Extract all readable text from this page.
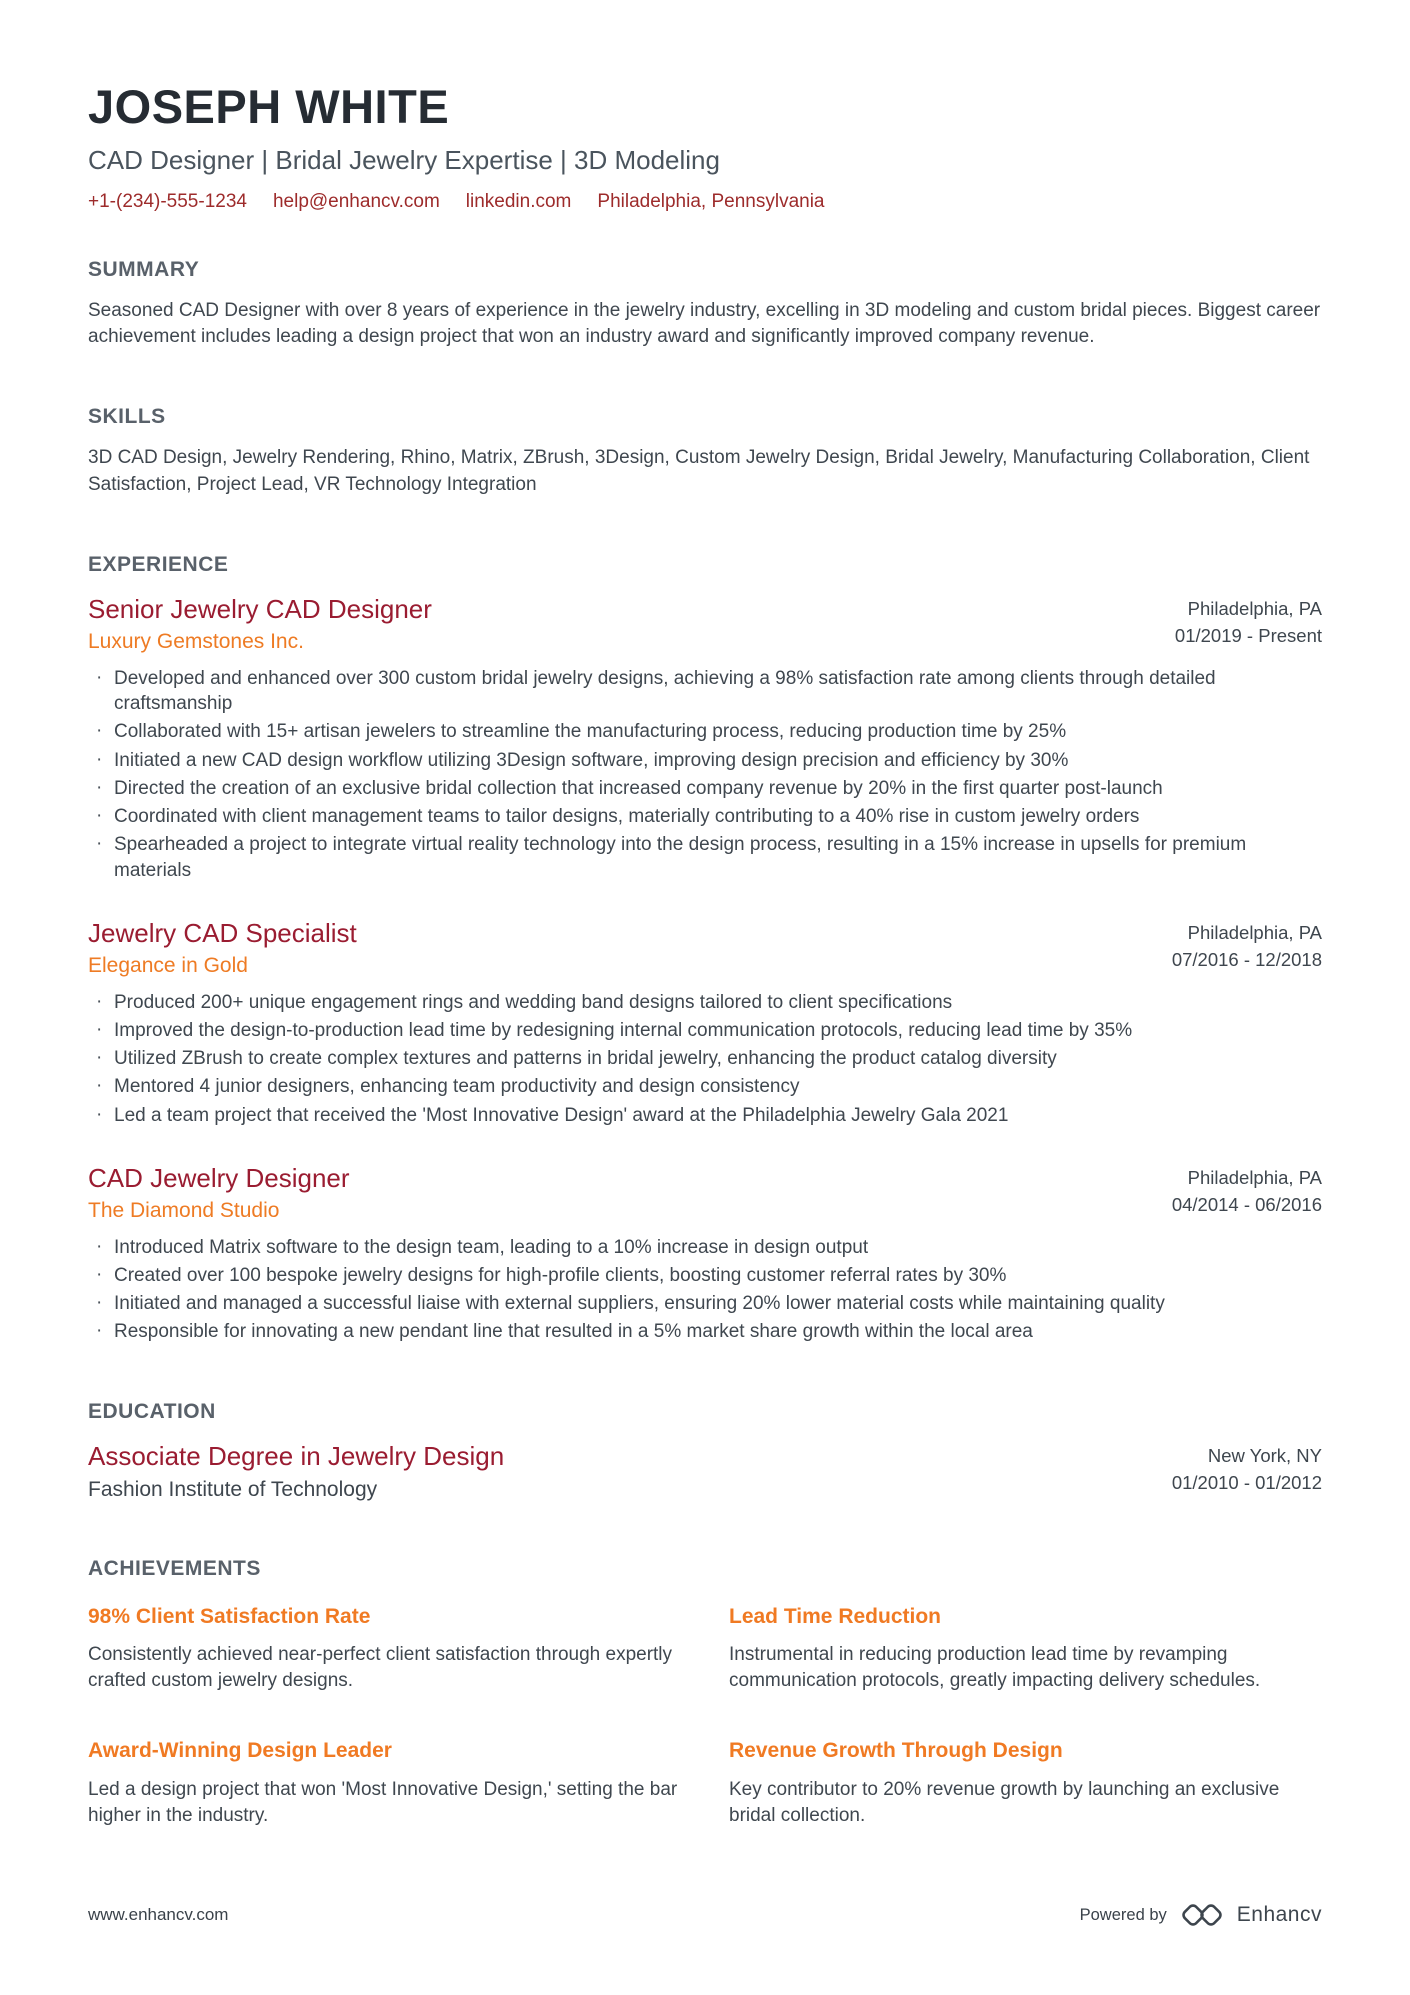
JOSEPH WHITE
CAD Designer | Bridal Jewelry Expertise | 3D Modeling
+1-(234)-555-1234 help@enhancv.com linkedin.com Philadelphia, Pennsylvania
SUMMARY

Seasoned CAD Designer with over 8 years of experience in the jewelry industry, excelling in 3D modeling and custom bridal pieces. Biggest career achievement includes leading a design project that won an industry award and significantly improved company revenue.

SKILLS

3D CAD Design, Jewelry Rendering, Rhino, Matrix, ZBrush, 3Design, Custom Jewelry Design, Bridal Jewelry, Manufacturing Collaboration, Client Satisfaction, Project Lead, VR Technology Integration

EXPERIENCE
Senior Jewelry CAD Designer
Luxury Gemstones Inc.
Philadelphia, PA
01/2019 - Present
· Developed and enhanced over 300 custom bridal jewelry designs, achieving a 98% satisfaction rate among clients through detailed craftsmanship
· Collaborated with 15+ artisan jewelers to streamline the manufacturing process, reducing production time by 25%
· Initiated a new CAD design workflow utilizing 3Design software, improving design precision and efficiency by 30%
· Directed the creation of an exclusive bridal collection that increased company revenue by 20% in the first quarter post-launch
· Coordinated with client management teams to tailor designs, materially contributing to a 40% rise in custom jewelry orders
· Spearheaded a project to integrate virtual reality technology into the design process, resulting in a 15% increase in upsells for premium materials
Jewelry CAD Specialist
Elegance in Gold
Philadelphia, PA
07/2016 - 12/2018
· Produced 200+ unique engagement rings and wedding band designs tailored to client specifications
· Improved the design-to-production lead time by redesigning internal communication protocols, reducing lead time by 35%
· Utilized ZBrush to create complex textures and patterns in bridal jewelry, enhancing the product catalog diversity
· Mentored 4 junior designers, enhancing team productivity and design consistency
· Led a team project that received the 'Most Innovative Design' award at the Philadelphia Jewelry Gala 2021
CAD Jewelry Designer
The Diamond Studio
Philadelphia, PA
04/2014 - 06/2016
· Introduced Matrix software to the design team, leading to a 10% increase in design output
· Created over 100 bespoke jewelry designs for high-profile clients, boosting customer referral rates by 30%
· Initiated and managed a successful liaise with external suppliers, ensuring 20% lower material costs while maintaining quality
· Responsible for innovating a new pendant line that resulted in a 5% market share growth within the local area
EDUCATION
Associate Degree in Jewelry Design
Fashion Institute of Technology
New York, NY
01/2010 - 01/2012
ACHIEVEMENTS
98% Client Satisfaction Rate
Consistently achieved near-perfect client satisfaction through expertly crafted custom jewelry designs.
Lead Time Reduction
Instrumental in reducing production lead time by revamping communication protocols, greatly impacting delivery schedules.
Award-Winning Design Leader
Led a design project that won 'Most Innovative Design,' setting the bar higher in the industry.
Revenue Growth Through Design
Key contributor to 20% revenue growth by launching an exclusive bridal collection.
www.enhancv.com	Powered by	Enhancv
